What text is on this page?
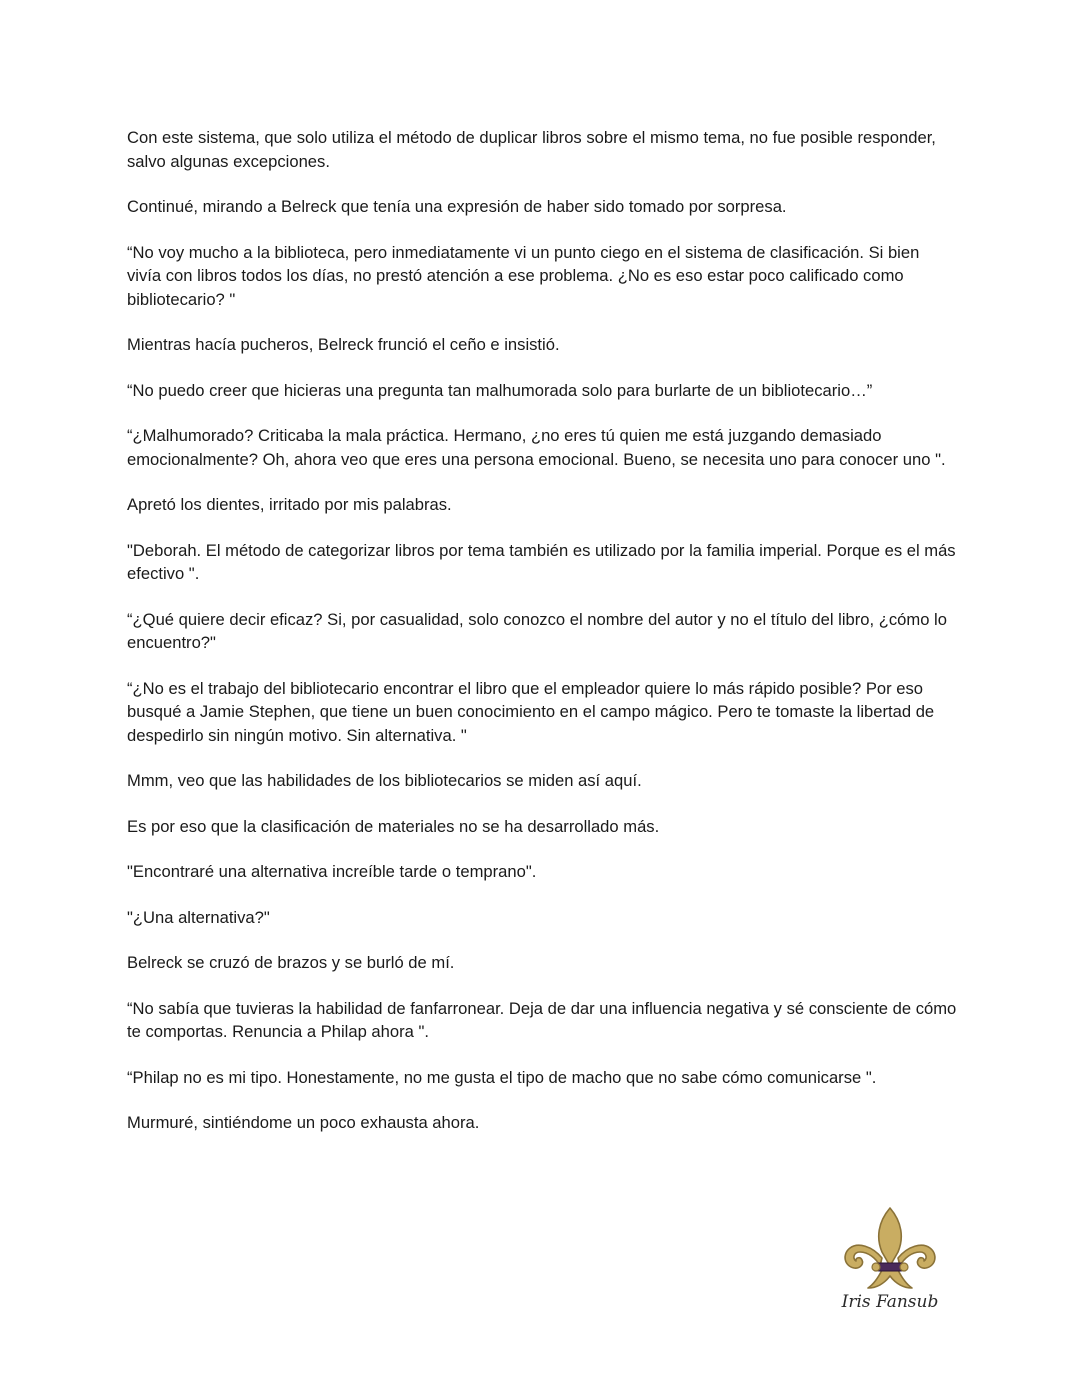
Con este sistema, que solo utiliza el método de duplicar libros sobre el mismo tema, no fue posible responder, salvo algunas excepciones.

Continué, mirando a Belreck que tenía una expresión de haber sido tomado por sorpresa.

“No voy mucho a la biblioteca, pero inmediatamente vi un punto ciego en el sistema de clasificación. Si bien vivía con libros todos los días, no prestó atención a ese problema. ¿No es eso estar poco calificado como bibliotecario? "

Mientras hacía pucheros, Belreck frunció el ceño e insistió.

“No puedo creer que hicieras una pregunta tan malhumorada solo para burlarte de un bibliotecario…”

“¿Malhumorado? Criticaba la mala práctica. Hermano, ¿no eres tú quien me está juzgando demasiado emocionalmente? Oh, ahora veo que eres una persona emocional. Bueno, se necesita uno para conocer uno ".

Apretó los dientes, irritado por mis palabras.

"Deborah. El método de categorizar libros por tema también es utilizado por la familia imperial. Porque es el más efectivo ".

“¿Qué quiere decir eficaz? Si, por casualidad, solo conozco el nombre del autor y no el título del libro, ¿cómo lo encuentro?"

“¿No es el trabajo del bibliotecario encontrar el libro que el empleador quiere lo más rápido posible? Por eso busqué a Jamie Stephen, que tiene un buen conocimiento en el campo mágico. Pero te tomaste la libertad de despedirlo sin ningún motivo. Sin alternativa. "

Mmm, veo que las habilidades de los bibliotecarios se miden así aquí.

Es por eso que la clasificación de materiales no se ha desarrollado más.

"Encontraré una alternativa increíble tarde o temprano".

"¿Una alternativa?"

Belreck se cruzó de brazos y se burló de mí.

“No sabía que tuvieras la habilidad de fanfarronear. Deja de dar una influencia negativa y sé consciente de cómo te comportas. Renuncia a Philap ahora ".

“Philap no es mi tipo. Honestamente, no me gusta el tipo de macho que no sabe cómo comunicarse ".

Murmuré, sintiéndome un poco exhausta ahora.

Iris Fansub
